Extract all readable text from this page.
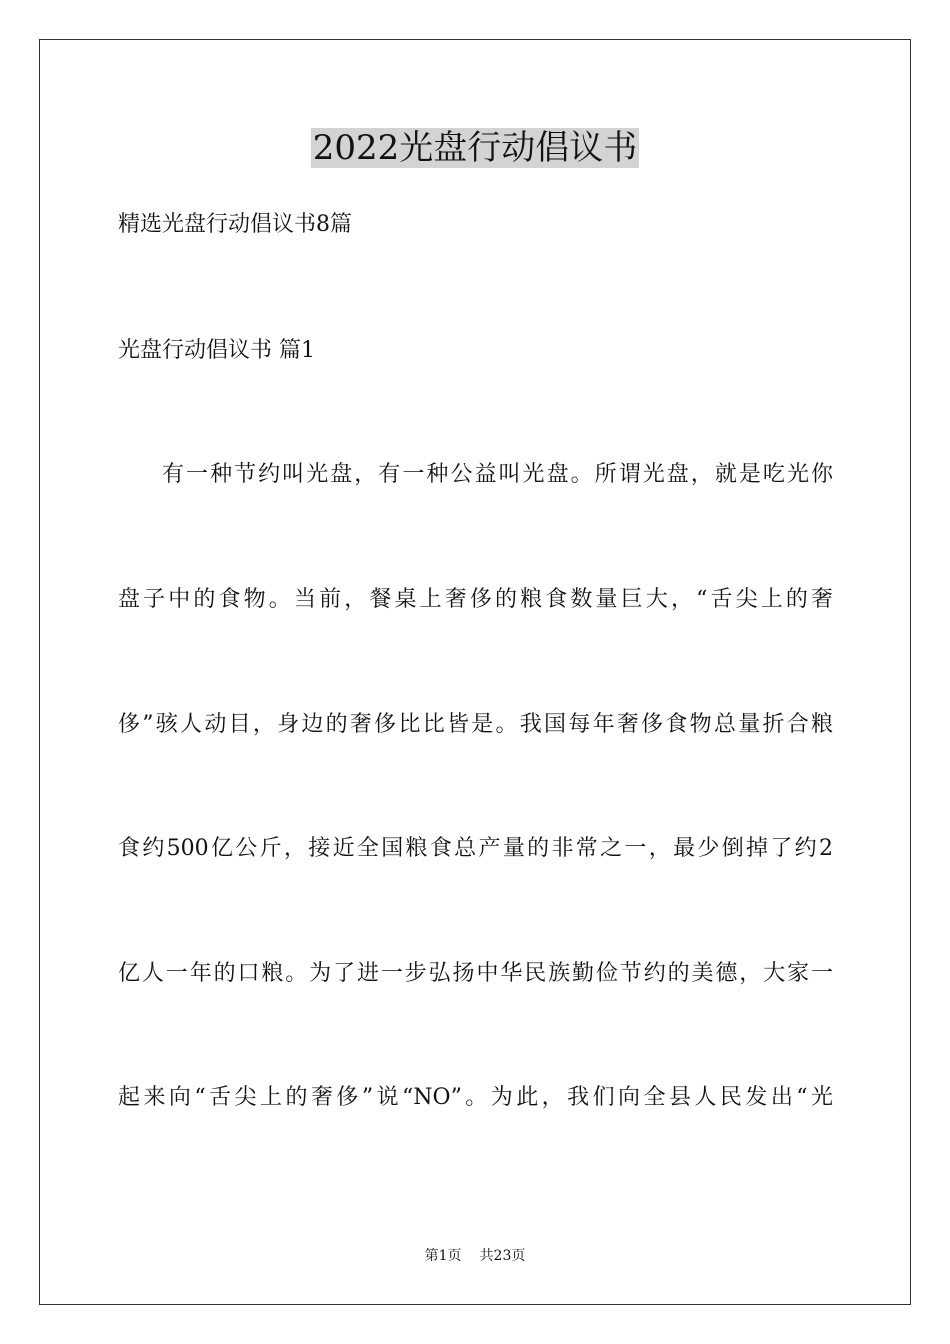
2022光盘行动倡议书
精选光盘行动倡议书8篇
光盘行动倡议书 篇1
有一种节约叫光盘，有一种公益叫光盘。所谓光盘，就是吃光你
盘子中的食物。当前，餐桌上奢侈的粮食数量巨大，“舌尖上的奢
侈”骇人动目，身边的奢侈比比皆是。我国每年奢侈食物总量折合粮
食约500亿公斤，接近全国粮食总产量的非常之一，最少倒掉了约2
亿人一年的口粮。为了进一步弘扬中华民族勤俭节约的美德，大家一
起来向“舌尖上的奢侈”说“NO”。为此，我们向全县人民发出“光
第1页 共23页
